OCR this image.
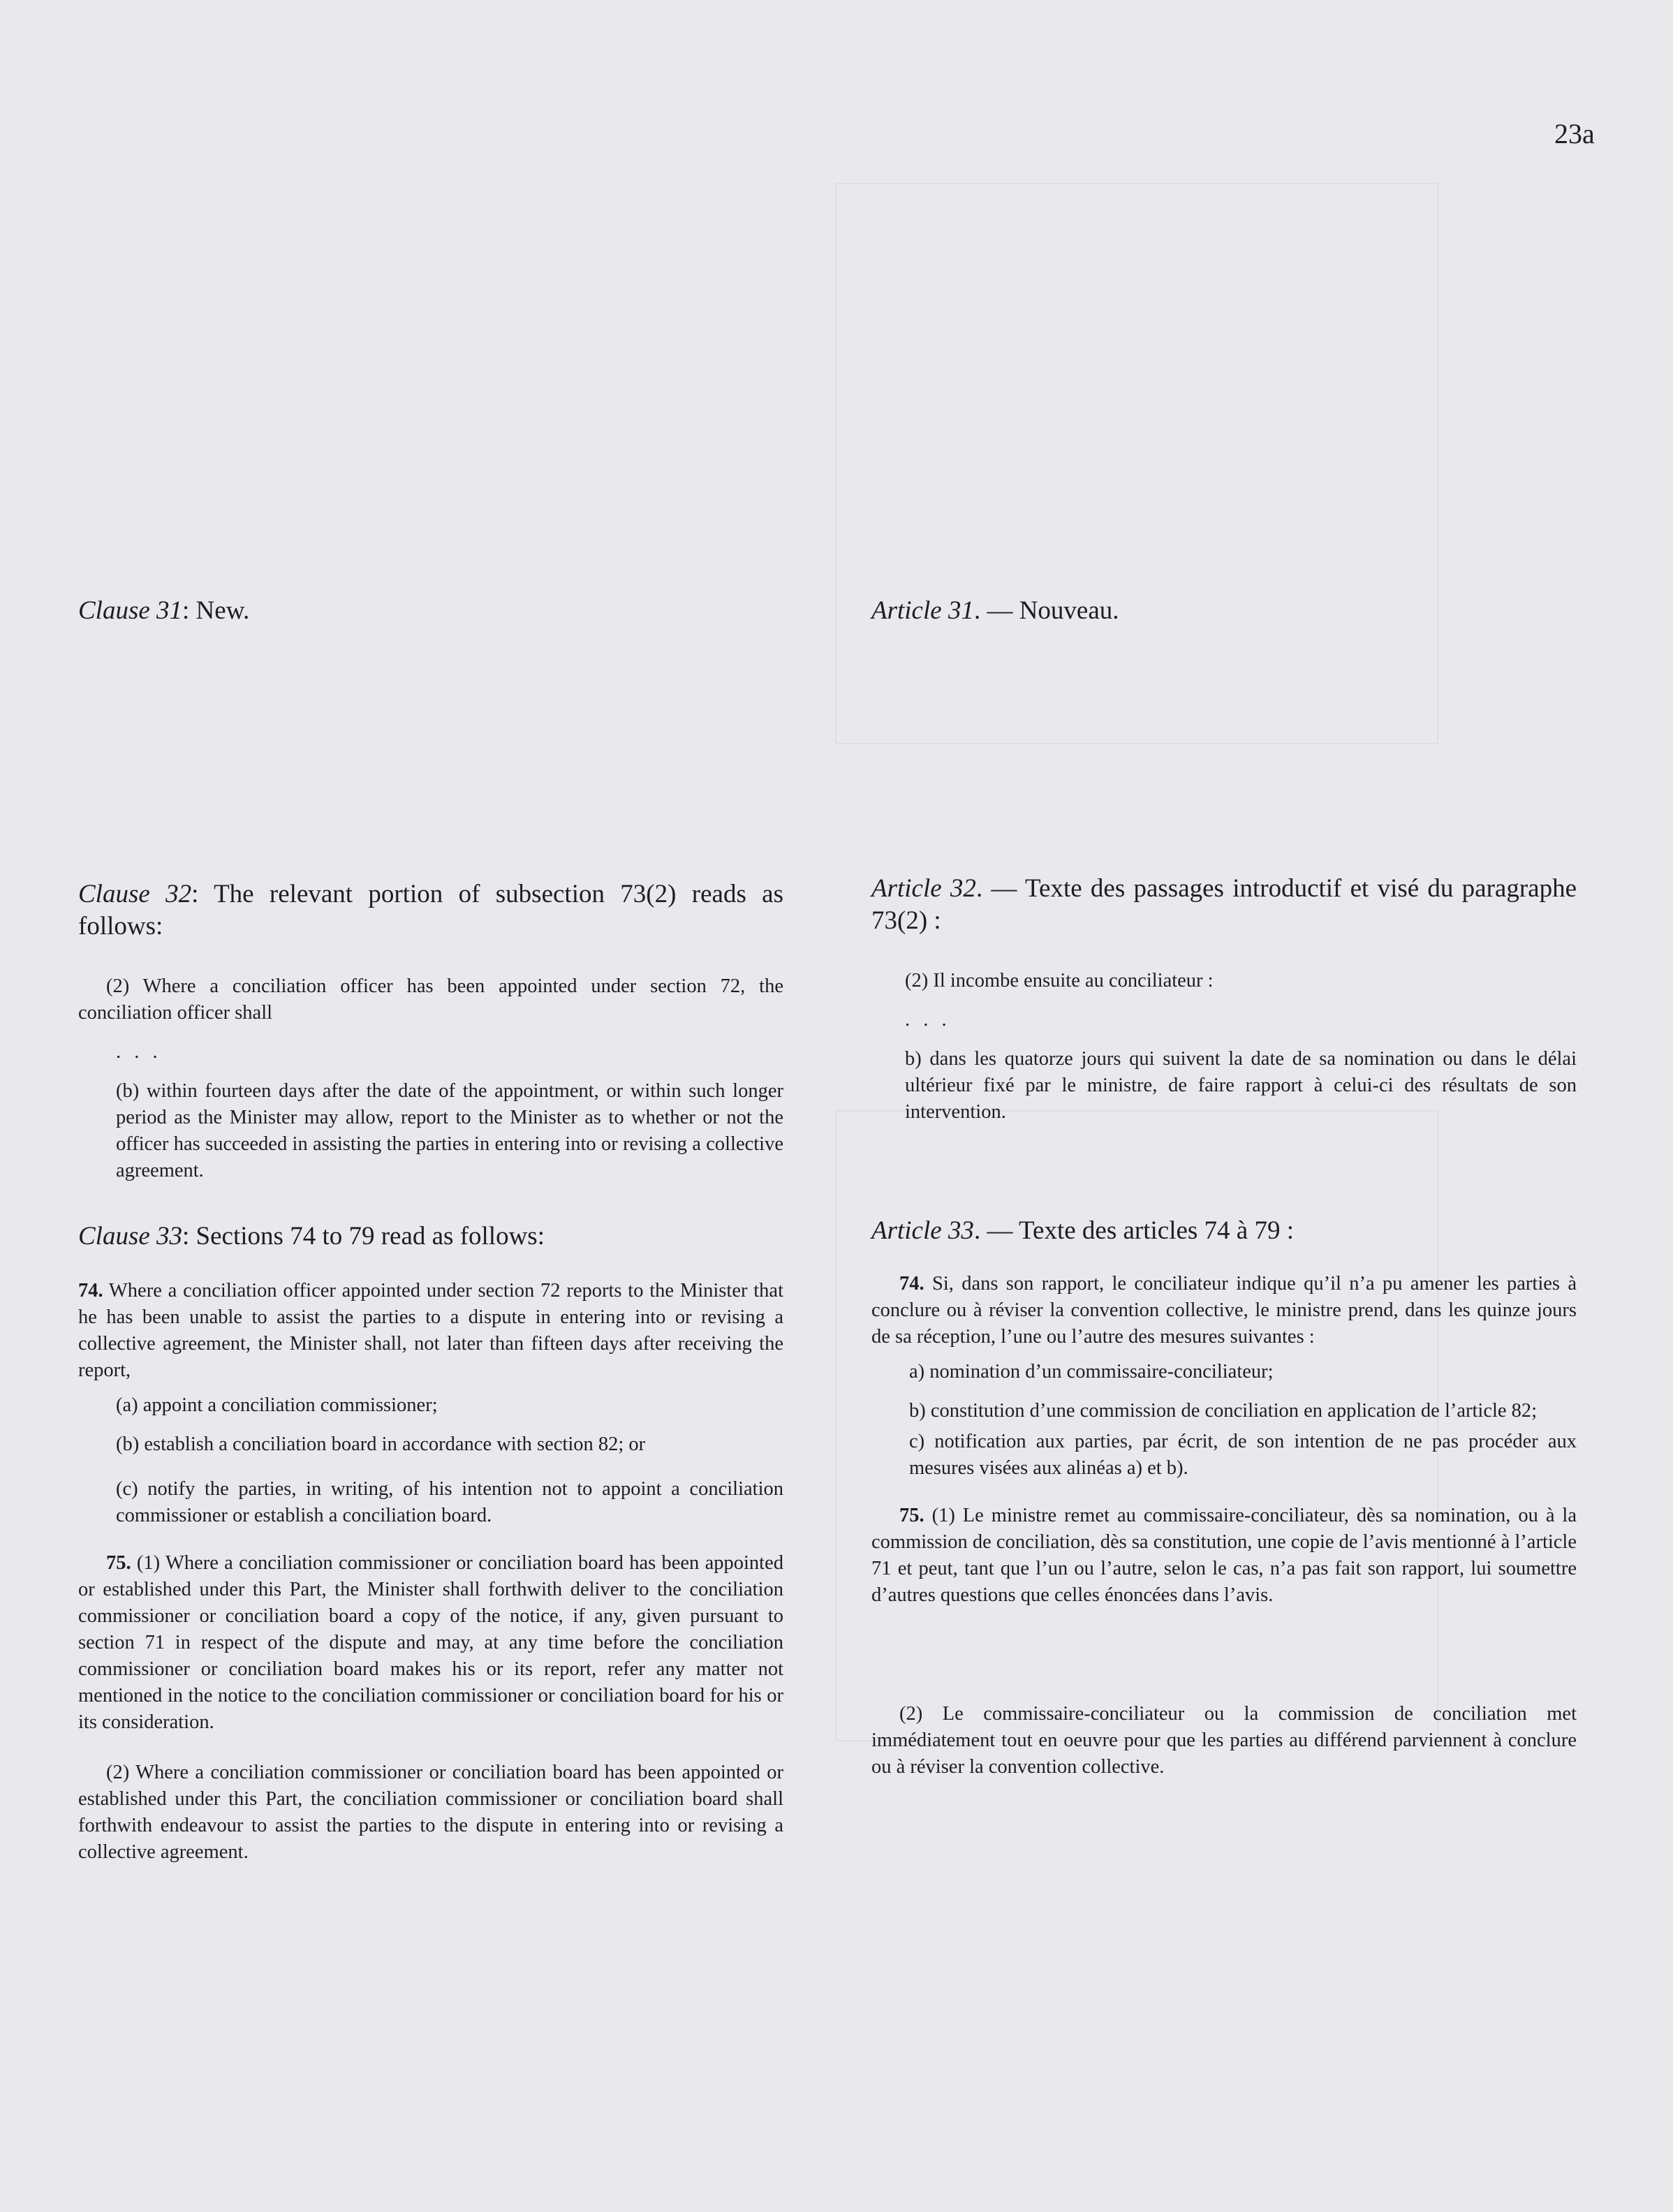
23a

Clause 31: New.

Clause 32: The relevant portion of subsection 73(2) reads as follows:

(2) Where a conciliation officer has been appointed under section 72, the conciliation officer shall

. . .

(b) within fourteen days after the date of the appointment, or within such longer period as the Minister may allow, report to the Minister as to whether or not the officer has succeeded in assisting the parties in entering into or revising a collective agreement.

Clause 33: Sections 74 to 79 read as follows:

74. Where a conciliation officer appointed under section 72 reports to the Minister that he has been unable to assist the parties to a dispute in entering into or revising a collective agreement, the Minister shall, not later than fifteen days after receiving the report,

(a) appoint a conciliation commissioner;

(b) establish a conciliation board in accordance with section 82; or

(c) notify the parties, in writing, of his intention not to appoint a conciliation commissioner or establish a conciliation board.

75. (1) Where a conciliation commissioner or conciliation board has been appointed or established under this Part, the Minister shall forthwith deliver to the conciliation commissioner or conciliation board a copy of the notice, if any, given pursuant to section 71 in respect of the dispute and may, at any time before the conciliation commissioner or conciliation board makes his or its report, refer any matter not mentioned in the notice to the conciliation commissioner or conciliation board for his or its consideration.

(2) Where a conciliation commissioner or conciliation board has been appointed or established under this Part, the conciliation commissioner or conciliation board shall forthwith endeavour to assist the parties to the dispute in entering into or revising a collective agreement.

Article 31. — Nouveau.

Article 32. — Texte des passages introductif et visé du paragraphe 73(2) :

(2) Il incombe ensuite au conciliateur :

. . .

b) dans les quatorze jours qui suivent la date de sa nomination ou dans le délai ultérieur fixé par le ministre, de faire rapport à celui-ci des résultats de son intervention.

Article 33. — Texte des articles 74 à 79 :

74. Si, dans son rapport, le conciliateur indique qu’il n’a pu amener les parties à conclure ou à réviser la convention collective, le ministre prend, dans les quinze jours de sa réception, l’une ou l’autre des mesures suivantes :

a) nomination d’un commissaire-conciliateur;

b) constitution d’une commission de conciliation en application de l’article 82;

c) notification aux parties, par écrit, de son intention de ne pas procéder aux mesures visées aux alinéas a) et b).

75. (1) Le ministre remet au commissaire-conciliateur, dès sa nomination, ou à la commission de conciliation, dès sa constitution, une copie de l’avis mentionné à l’article 71 et peut, tant que l’un ou l’autre, selon le cas, n’a pas fait son rapport, lui soumettre d’autres questions que celles énoncées dans l’avis.

(2) Le commissaire-conciliateur ou la commission de conciliation met immédiatement tout en oeuvre pour que les parties au différend parviennent à conclure ou à réviser la convention collective.
